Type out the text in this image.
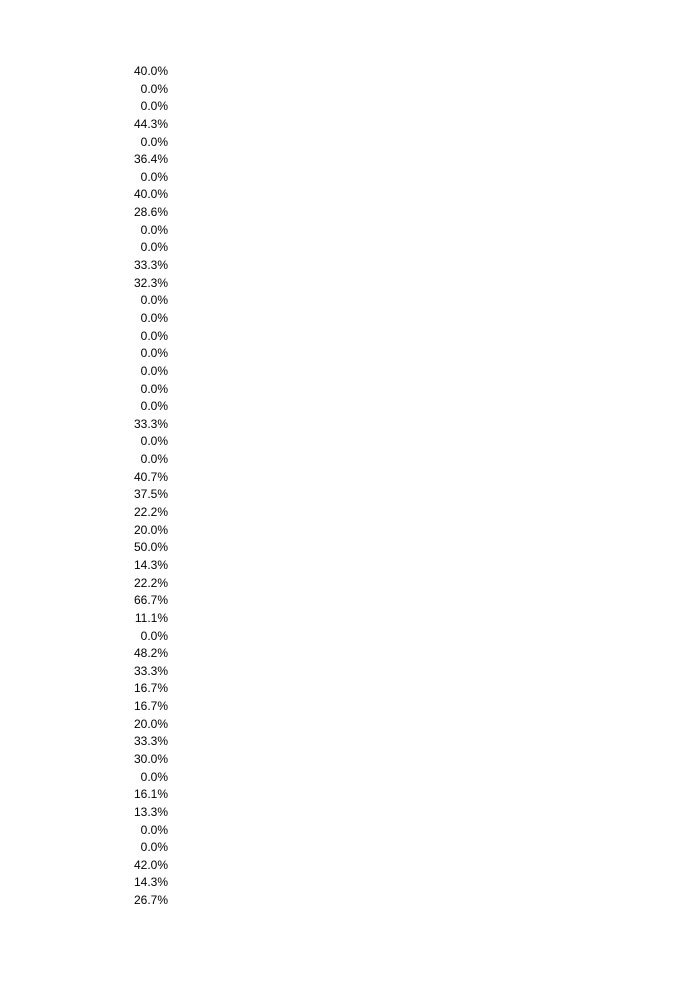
40.0%
0.0%
0.0%
44.3%
0.0%
36.4%
0.0%
40.0%
28.6%
0.0%
0.0%
33.3%
32.3%
0.0%
0.0%
0.0%
0.0%
0.0%
0.0%
0.0%
33.3%
0.0%
0.0%
40.7%
37.5%
22.2%
20.0%
50.0%
14.3%
22.2%
66.7%
11.1%
0.0%
48.2%
33.3%
16.7%
16.7%
20.0%
33.3%
30.0%
0.0%
16.1%
13.3%
0.0%
0.0%
42.0%
14.3%
26.7%
